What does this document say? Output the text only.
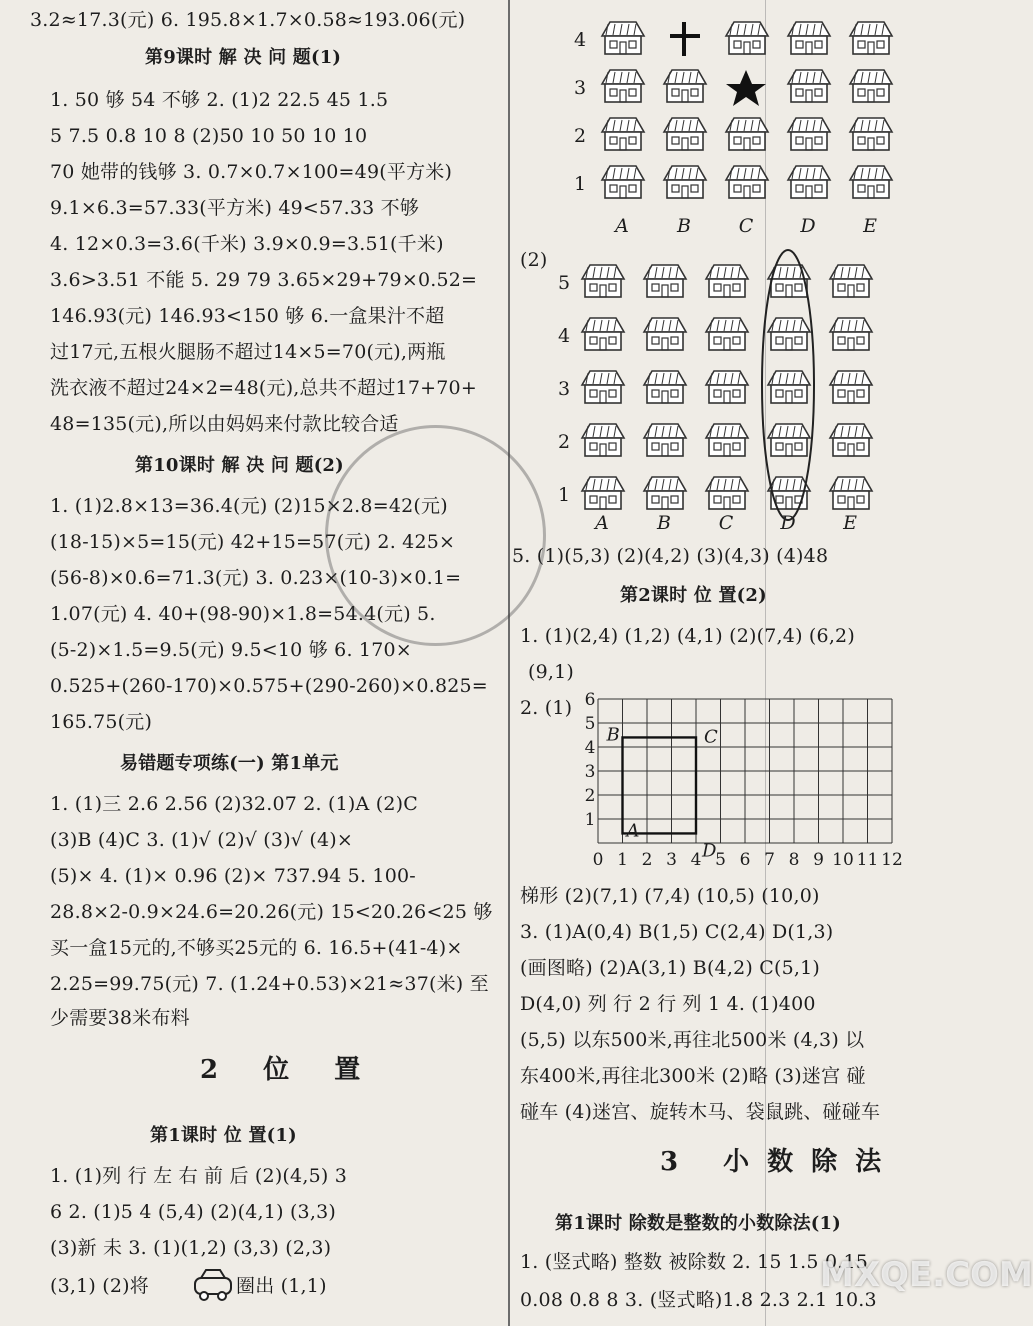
3.2≈17.3(元) 6. 195.8×1.7×0.58≈193.06(元)
第9课时 解 决 问 题(1)
1. 50 够 54 不够 2. (1)2 22.5 45 1.5
5 7.5 0.8 10 8 (2)50 10 50 10 10
70 她带的钱够 3. 0.7×0.7×100=49(平方米)
9.1×6.3=57.33(平方米) 49<57.33 不够
4. 12×0.3=3.6(千米) 3.9×0.9=3.51(千米)
3.6>3.51 不能 5. 29 79 3.65×29+79×0.52=
146.93(元) 146.93<150 够 6.一盒果汁不超
过17元,五根火腿肠不超过14×5=70(元),两瓶
洗衣液不超过24×2=48(元),总共不超过17+70+
48=135(元),所以由妈妈来付款比较合适
第10课时 解 决 问 题(2)
1. (1)2.8×13=36.4(元) (2)15×2.8=42(元)
(18-15)×5=15(元) 42+15=57(元) 2. 425×
(56-8)×0.6=71.3(元) 3. 0.23×(10-3)×0.1=
1.07(元) 4. 40+(98-90)×1.8=54.4(元) 5.
(5-2)×1.5=9.5(元) 9.5<10 够 6. 170×
0.525+(260-170)×0.575+(290-260)×0.825=
165.75(元)
易错题专项练(一) 第1单元
1. (1)三 2.6 2.56 (2)32.07 2. (1)A (2)C
(3)B (4)C 3. (1)√ (2)√ (3)√ (4)×
(5)× 4. (1)× 0.96 (2)× 737.94 5. 100-
28.8×2-0.9×24.6=20.26(元) 15<20.26<25 够
买一盒15元的,不够买25元的 6. 16.5+(41-4)×
2.25=99.75(元) 7. (1.24+0.53)×21≈37(米) 至
少需要38米布料
2 位 置
第1课时 位 置(1)
1. (1)列 行 左 右 前 后 (2)(4,5) 3
6 2. (1)5 4 (5,4) (2)(4,1) (3,3)
(3)新 未 3. (1)(1,2) (3,3) (2,3)
(3,1) (2)将	圈出 (1,1)
4
3
2
1
A	B	C D E
(2)
5
4
3
2
1
A	B	C D E
5. (1)(5,3) (2)(4,2) (3)(4,3) (4)48
第2课时 位 置(2)
1. (1)(2,4) (1,2) (4,1) (2)(7,4) (6,2)
(9,1)
2. (1)
0 1 2 3 4 5 6 7 8 9 10 11 12
1
2
3
4
5
6
A
B	C
D
梯形 (2)(7,1) (7,4) (10,5) (10,0)
3. (1)A(0,4) B(1,5) C(2,4) D(1,3)
(画图略) (2)A(3,1) B(4,2) C(5,1)
D(4,0) 列 行 2 行 列 1 4. (1)400
(5,5) 以东500米,再往北500米 (4,3) 以
东400米,再往北300米 (2)略 (3)迷宫 碰
碰车 (4)迷宫、旋转木马、袋鼠跳、碰碰车
3 小数除法
第1课时 除数是整数的小数除法(1)
1. (竖式略) 整数 被除数 2. 15 1.5 0.15
0.08 0.8 8 3. (竖式略)1.8 2.3 2.1 10.3
MXQE.COM
